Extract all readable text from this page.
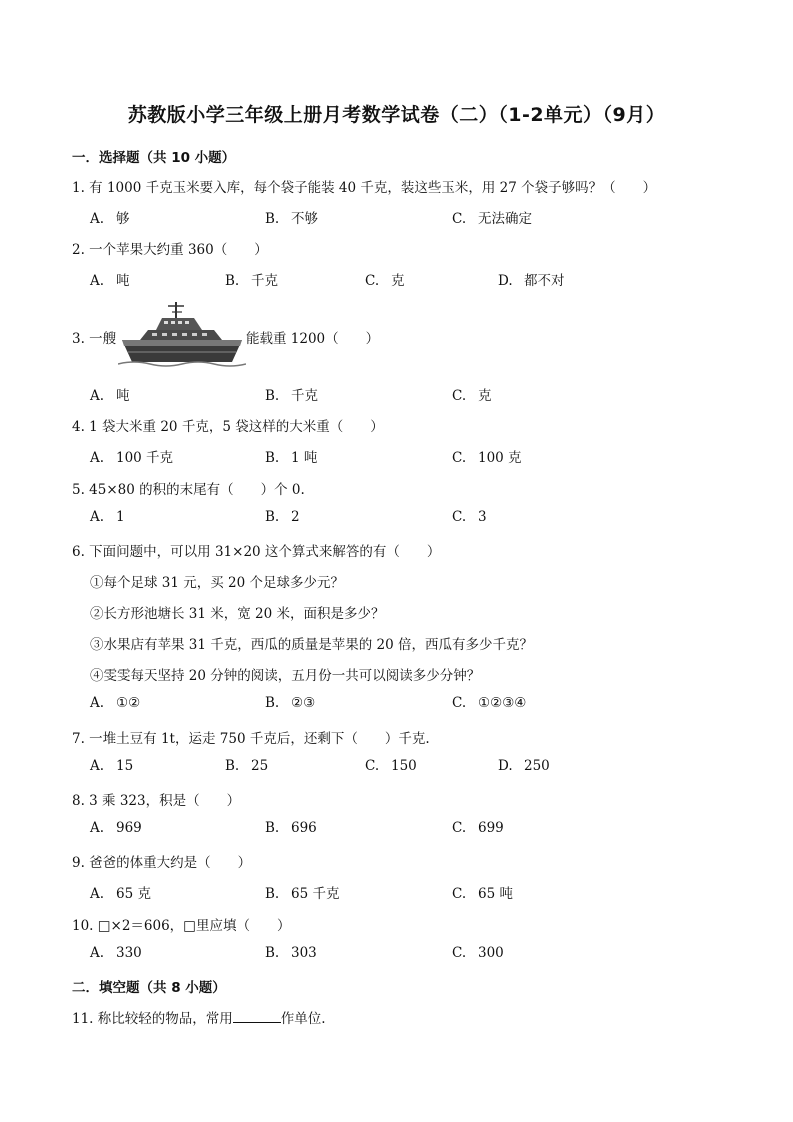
苏教版小学三年级上册月考数学试卷（二）（1-2单元）（9月）
一．选择题（共 10 小题）
1. 有 1000 千克玉米要入库，每个袋子能装 40 千克，装这些玉米，用 27 个袋子够吗？（　　）
A. 够	B. 不够	C. 无法确定
2. 一个苹果大约重 360（　　）
A. 吨	B. 千克	C. 克	D. 都不对
3. 一艘	能载重 1200（　　）
A. 吨	B. 千克	C. 克
4. 1 袋大米重 20 千克，5 袋这样的大米重（　　）
A. 100 千克	B. 1 吨	C. 100 克
5. 45×80 的积的末尾有（　　）个 0.
A. 1	B. 2	C. 3
6. 下面问题中，可以用 31×20 这个算式来解答的有（　　）
①每个足球 31 元，买 20 个足球多少元？
②长方形池塘长 31 米，宽 20 米，面积是多少？
③水果店有苹果 31 千克，西瓜的质量是苹果的 20 倍，西瓜有多少千克？
④雯雯每天坚持 20 分钟的阅读，五月份一共可以阅读多少分钟？
A. ①②	B. ②③	C. ①②③④
7. 一堆土豆有 1t，运走 750 千克后，还剩下（　　）千克.
A. 15	B. 25	C. 150	D. 250
8. 3 乘 323，积是（　　）
A. 969	B. 696	C. 699
9. 爸爸的体重大约是（　　）
A. 65 克	B. 65 千克	C. 65 吨
10. □×2＝606，□里应填（　　）
A. 330	B. 303	C. 300
二．填空题（共 8 小题）
11. 称比较轻的物品，常用	作单位.
